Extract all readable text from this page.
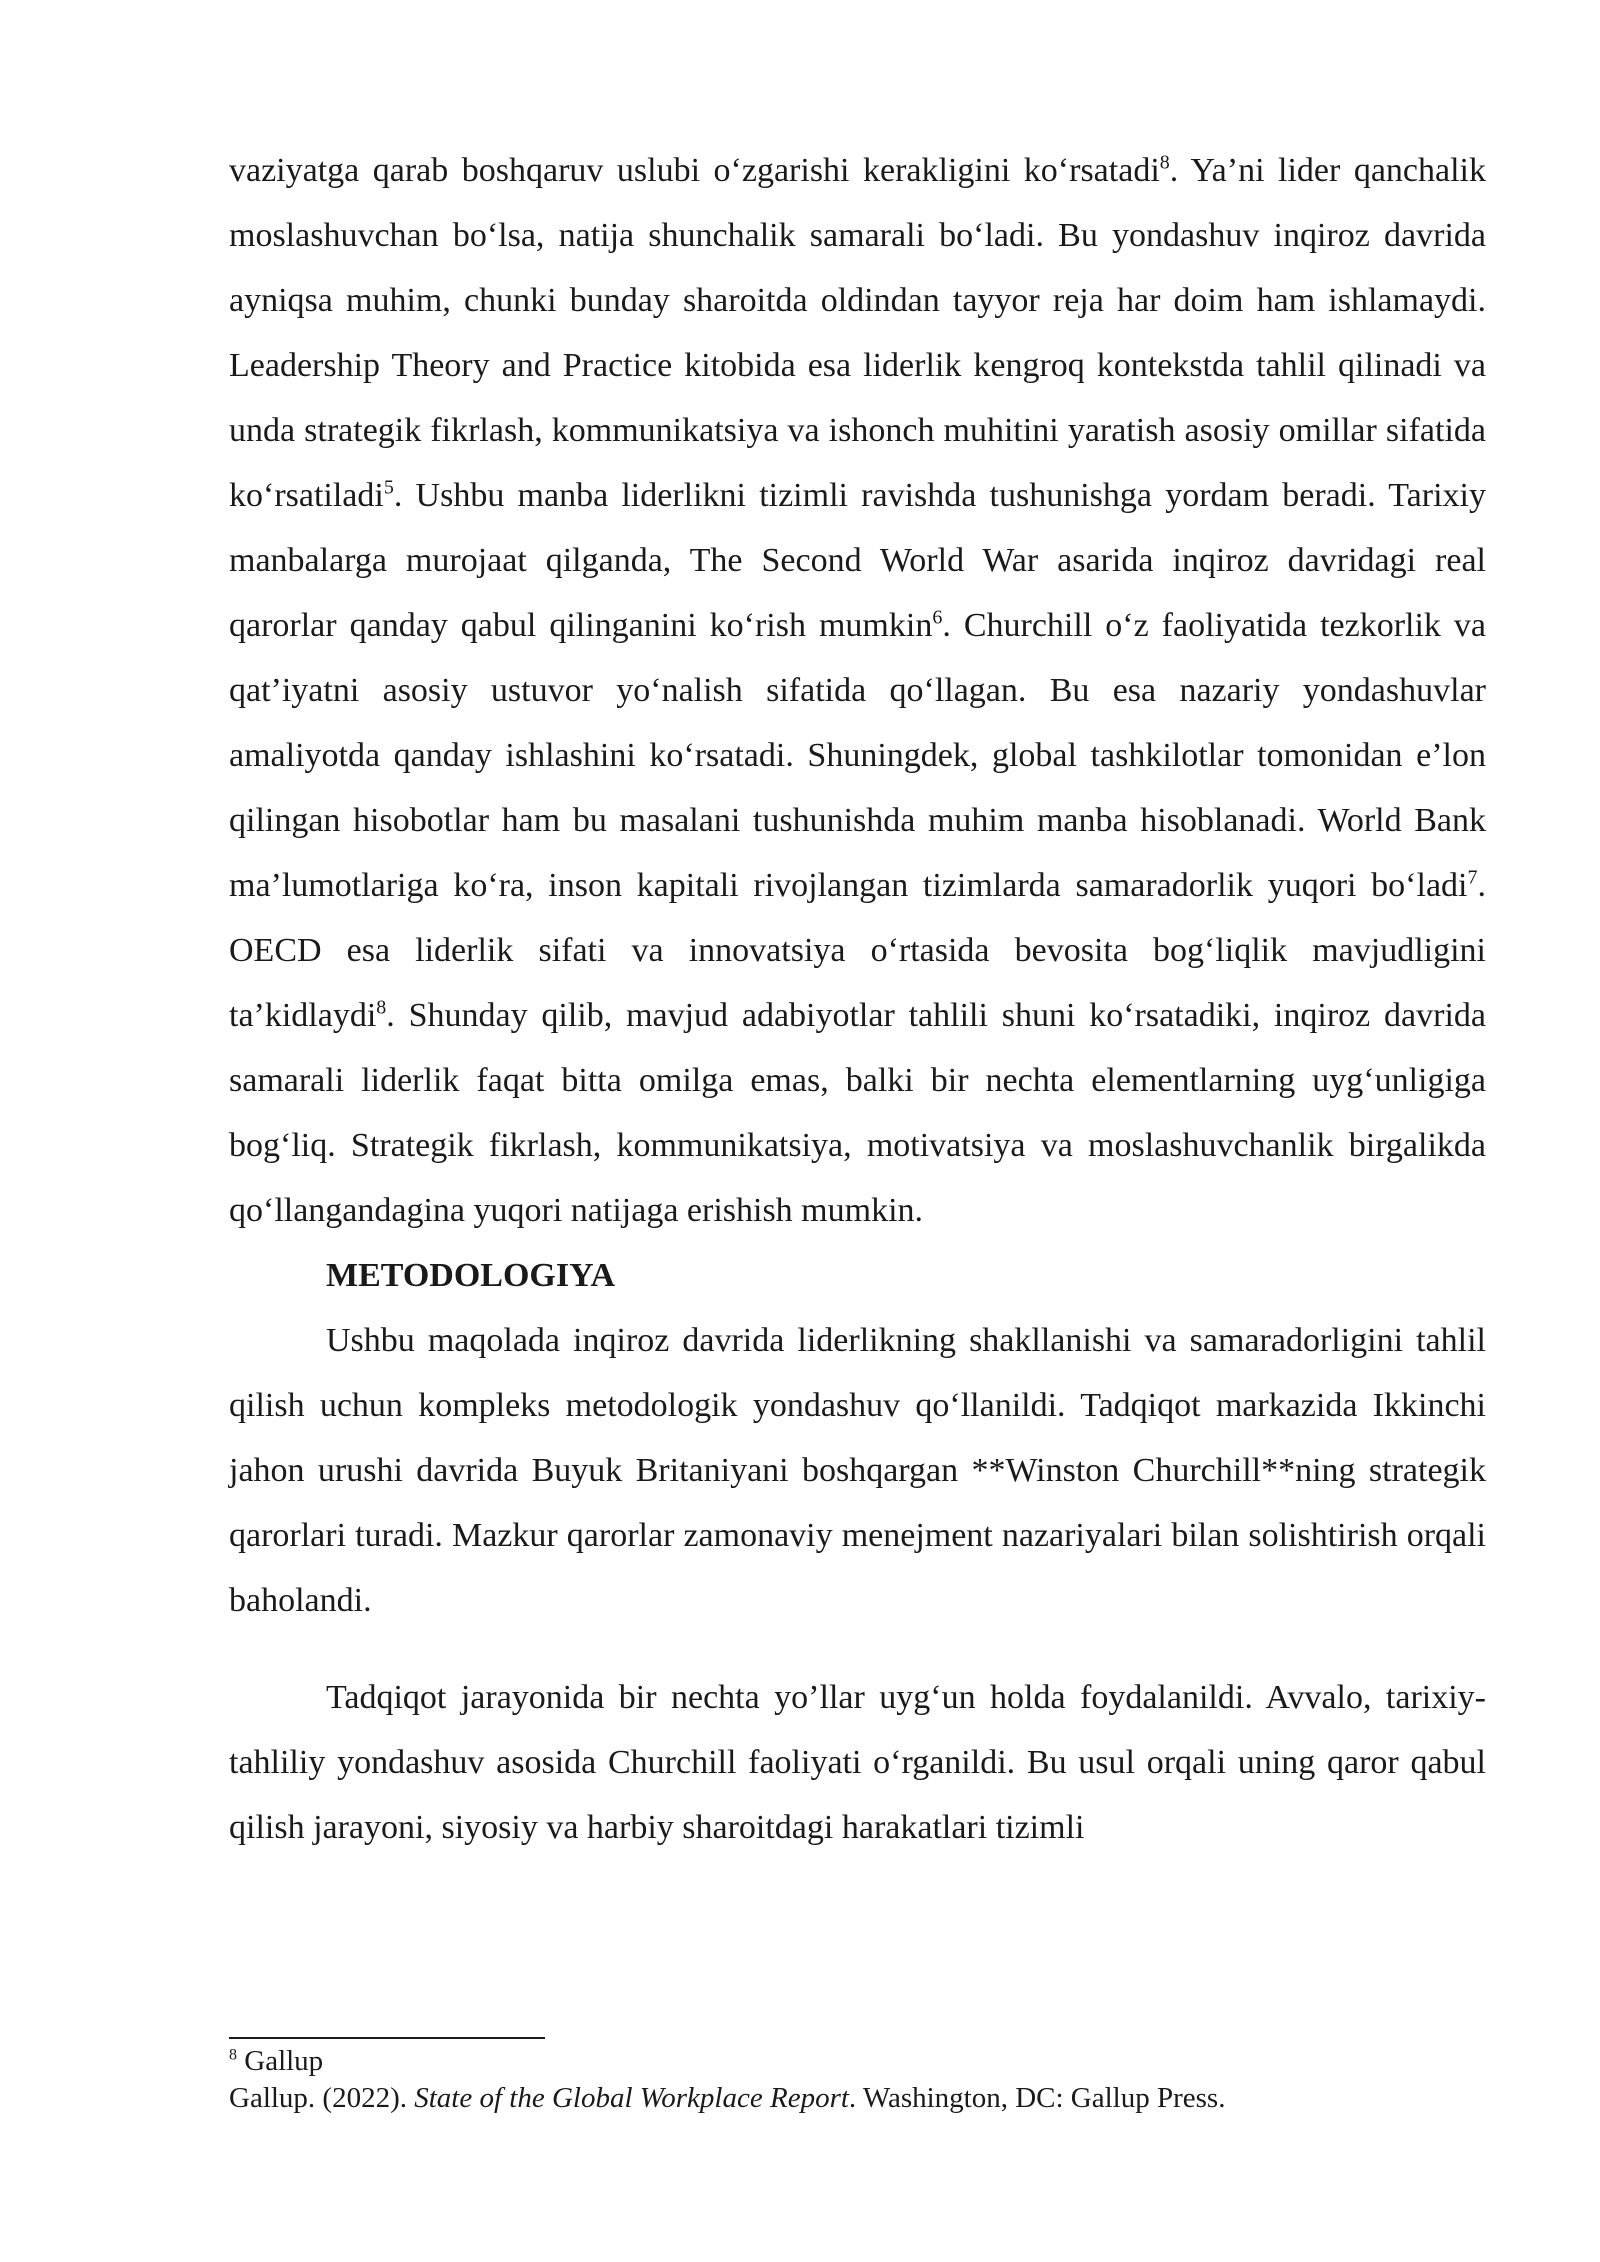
vaziyatga qarab boshqaruv uslubi o‘zgarishi kerakligini ko‘rsatadi$^8$. Ya’ni lider qanchalik moslashuvchan bo‘lsa, natija shunchalik samarali bo‘ladi. Bu yondashuv inqiroz davrida ayniqsa muhim, chunki bunday sharoitda oldindan tayyor reja har doim ham ishlamaydi. Leadership Theory and Practice kitobida esa liderlik kengroq kontekstda tahlil qilinadi va unda strategik fikrlash, kommunikatsiya va ishonch muhitini yaratish asosiy omillar sifatida ko‘rsatiladi$^5$. Ushbu manba liderlikni tizimli ravishda tushunishga yordam beradi. Tarixiy manbalarga murojaat qilganda, The Second World War asarida inqiroz davridagi real qarorlar qanday qabul qilinganini ko‘rish mumkin$^6$. Churchill o‘z faoliyatida tezkorlik va qat’iyatni asosiy ustuvor yo‘nalish sifatida qo‘llagan. Bu esa nazariy yondashuvlar amaliyotda qanday ishlashini ko‘rsatadi. Shuningdek, global tashkilotlar tomonidan e’lon qilingan hisobotlar ham bu masalani tushunishda muhim manba hisoblanadi. World Bank ma’lumotlariga ko‘ra, inson kapitali rivojlangan tizimlarda samaradorlik yuqori bo‘ladi$^7$. OECD esa liderlik sifati va innovatsiya o‘rtasida bevosita bog‘liqlik mavjudligini ta’kidlaydi$^8$. Shunday qilib, mavjud adabiyotlar tahlili shuni ko‘rsatadiki, inqiroz davrida samarali liderlik faqat bitta omilga emas, balki bir nechta elementlarning uyg‘unligiga bog‘liq. Strategik fikrlash, kommunikatsiya, motivatsiya va moslashuvchanlik birgalikda qo‘llangandagina yuqori natijaga erishish mumkin.

METODOLOGIYA

Ushbu maqolada inqiroz davrida liderlikning shakllanishi va samaradorligini tahlil qilish uchun kompleks metodologik yondashuv qo‘llanildi. Tadqiqot markazida Ikkinchi jahon urushi davrida Buyuk Britaniyani boshqargan **Winston Churchill**ning strategik qarorlari turadi. Mazkur qarorlar zamonaviy menejment nazariyalari bilan solishtirish orqali baholandi.

Tadqiqot jarayonida bir nechta yo’llar uyg‘un holda foydalanildi. Avvalo, tarixiy-tahliliy yondashuv asosida Churchill faoliyati o‘rganildi. Bu usul orqali uning qaror qabul qilish jarayoni, siyosiy va harbiy sharoitdagi harakatlari tizimli

$^8$ Gallup

Gallup. (2022). State of the Global Workplace Report. Washington, DC: Gallup Press.
